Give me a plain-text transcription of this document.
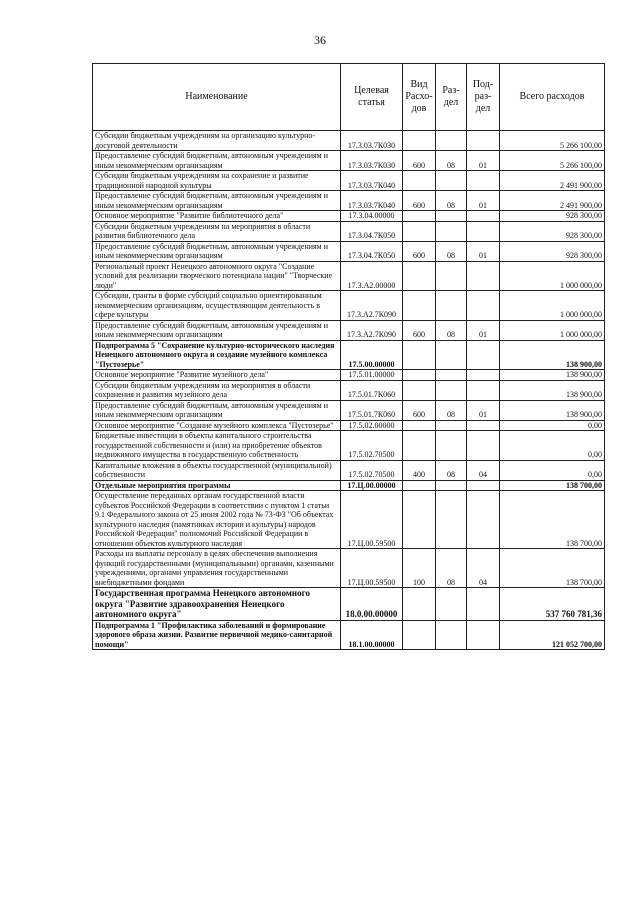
36
Наименование	Целевая статья	Вид Расхо-дов	Раз-дел	Под-раз-дел	Всего расходов
Субсидии бюджетным учреждениям на организацию культурно-досуговой деятельности	17.3.03.7К030				5 266 100,00
Предоставление субсидий бюджетным, автономным учреждениям и иным некоммерческим организациям	17.3.03.7К030	600	08	01	5 266 100,00
Субсидии бюджетным учреждениям на сохранение и развитие традиционной народной культуры	17.3.03.7К040				2 491 900,00
Предоставление субсидий бюджетным, автономным учреждениям и иным некоммерческим организациям	17.3.03.7К040	600	08	01	2 491 900,00
Основное мероприятие "Развитие библиотечного дела"	17.3.04.00000				928 300,00
Субсидии бюджетным учреждениям на мероприятия в области развития библиотечного дела	17.3.04.7К050				928 300,00
Предоставление субсидий бюджетным, автономным учреждениям и иным некоммерческим организациям	17.3.04.7К050	600	08	01	928 300,00
Региональный проект Ненецкого автономного округа "Создание условий для реализации творческого потенциала нации" "Творческие люди"	17.3.А2.00000				1 000 000,00
Субсидии, гранты в форме субсидий социально ориентированным некоммерческим организациям, осуществляющим деятельность в сфере культуры	17.3.А2.7К090				1 000 000,00
Предоставление субсидий бюджетным, автономным учреждениям и иным некоммерческим организациям	17.3.А2.7К090	600	08	01	1 000 000,00
Подпрограмма 5 "Сохранение культурно-исторического наследия Ненецкого автономного округа и создание музейного комплекса "Пустозерье"	17.5.00.00000				138 900,00
Основное мероприятие "Развитие музейного дела"	17.5.01.00000				138 900,00
Субсидии бюджетным учреждениям на мероприятия в области сохранения и развития музейного дела	17.5.01.7К060				138 900,00
Предоставление субсидий бюджетным, автономным учреждениям и иным некоммерческим организациям	17.5.01.7К060	600	08	01	138 900,00
Основное мероприятие "Создание музейного комплекса "Пустозерье"	17.5.02.00000				0,00
Бюджетные инвестиции в объекты капитального строительства государственной собственности и (или) на приобретение объектов недвижимого имущества в государственную собственность	17.5.02.70500				0,00
Капитальные вложения в объекты государственной (муниципальной) собственности	17.5.02.70500	400	08	04	0,00
Отдельные мероприятия программы	17.Ц.00.00000				138 700,00
Осуществление переданных органам государственной власти субъектов Российской Федерации в соответствии с пунктом 1 статьи 9.1 Федерального закона от 25 июня 2002 года № 73-ФЗ "Об объектах культурного наследия (памятниках истории и культуры) народов Российской Федерации" полномочий Российской Федерации в отношении объектов культурного наследия	17.Ц.00.59500				138 700,00
Расходы на выплаты персоналу в целях обеспечения выполнения функций государственными (муниципальными) органами, казенными учреждениями, органами управления государственными внебюджетными фондами	17.Ц.00.59500	100	08	04	138 700,00
Государственная программа Ненецкого автономного округа "Развитие здравоохранения Ненецкого автономного округа"	18.0.00.00000				537 760 781,36
Подпрограмма 1 "Профилактика заболеваний и формирование здорового образа жизни. Развитие первичной медико-санитарной помощи"	18.1.00.00000				121 052 700,00
